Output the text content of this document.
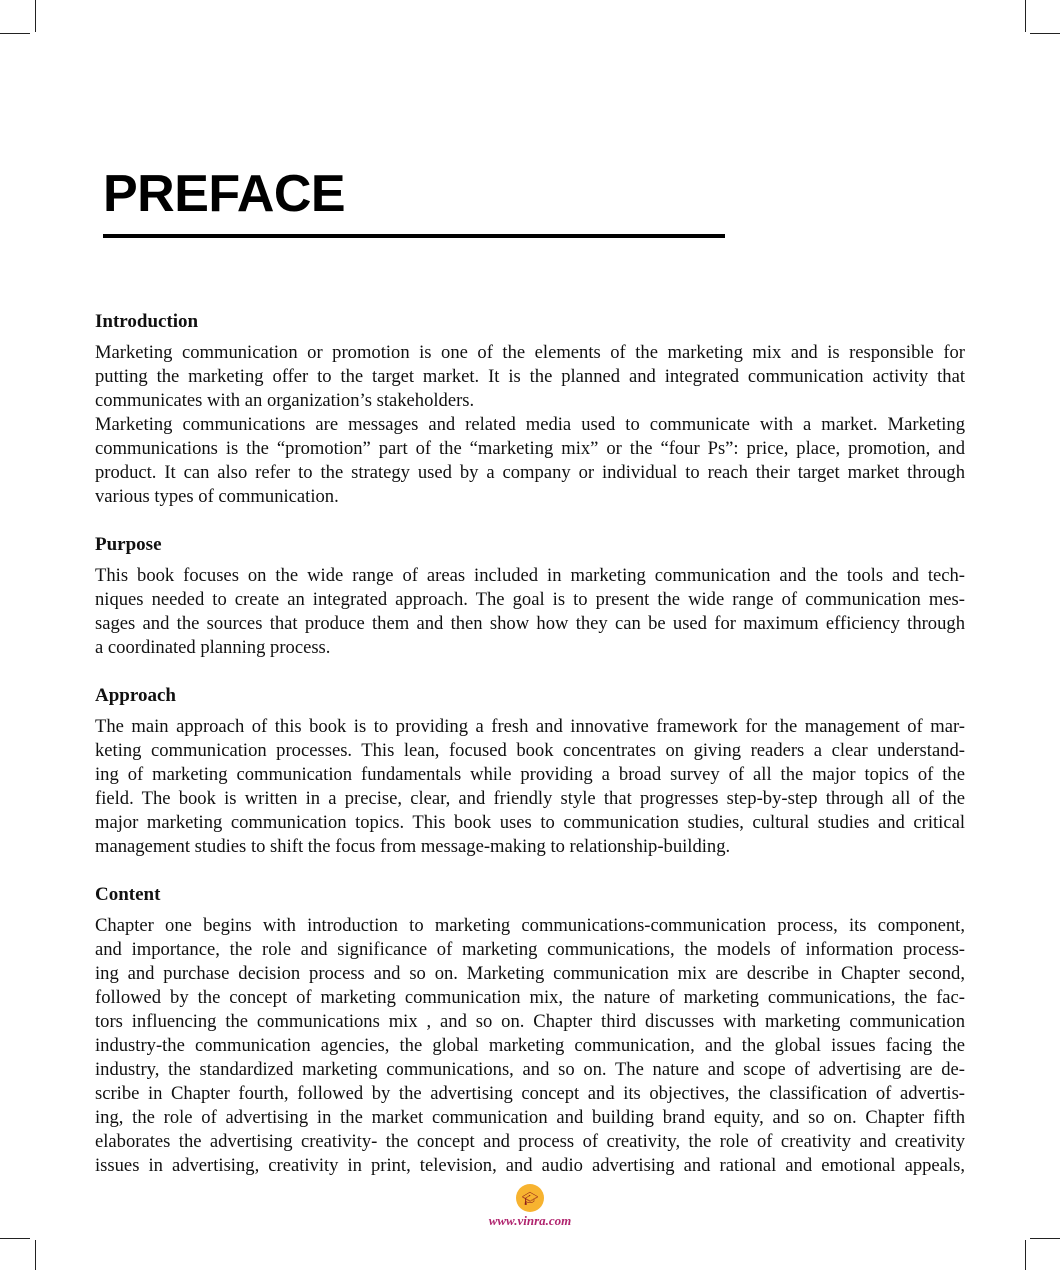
PREFACE
Introduction
Marketing communication or promotion is one of the elements of the marketing mix and is responsible for
putting the marketing offer to the target market. It is the planned and integrated communication activity that
communicates with an organization’s stakeholders.
Marketing communications are messages and related media used to communicate with a market. Marketing
communications is the “promotion” part of the “marketing mix” or the “four Ps”: price, place, promotion, and
product. It can also refer to the strategy used by a company or individual to reach their target market through
various types of communication.
Purpose
This book focuses on the wide range of areas included in marketing communication and the tools and tech-
niques needed to create an integrated approach. The goal is to present the wide range of communication mes-
sages and the sources that produce them and then show how they can be used for maximum efficiency through
a coordinated planning process.
Approach
The main approach of this book is to providing a fresh and innovative framework for the management of mar-
keting communication processes. This lean, focused book concentrates on giving readers a clear understand-
ing of marketing communication fundamentals while providing a broad survey of all the major topics of the
field. The book is written in a precise, clear, and friendly style that progresses step-by-step through all of the
major marketing communication topics. This book uses to communication studies, cultural studies and critical
management studies to shift the focus from message-making to relationship-building.
Content
Chapter one begins with introduction to marketing communications-communication process, its component,
and importance, the role and significance of marketing communications, the models of information process-
ing and purchase decision process and so on. Marketing communication mix are describe in Chapter second,
followed by the concept of marketing communication mix, the nature of marketing communications, the fac-
tors influencing the communications mix , and so on. Chapter third discusses with marketing communication
industry-the communication agencies, the global marketing communication, and the global issues facing the
industry, the standardized marketing communications, and so on. The nature and scope of advertising are de-
scribe in Chapter fourth, followed by the advertising concept and its objectives, the classification of advertis-
ing, the role of advertising in the market communication and building brand equity, and so on. Chapter fifth
elaborates the advertising creativity- the concept and process of creativity, the role of creativity and creativity
issues in advertising, creativity in print, television, and audio advertising and rational and emotional appeals,
🎓︎
www.vinra.com
